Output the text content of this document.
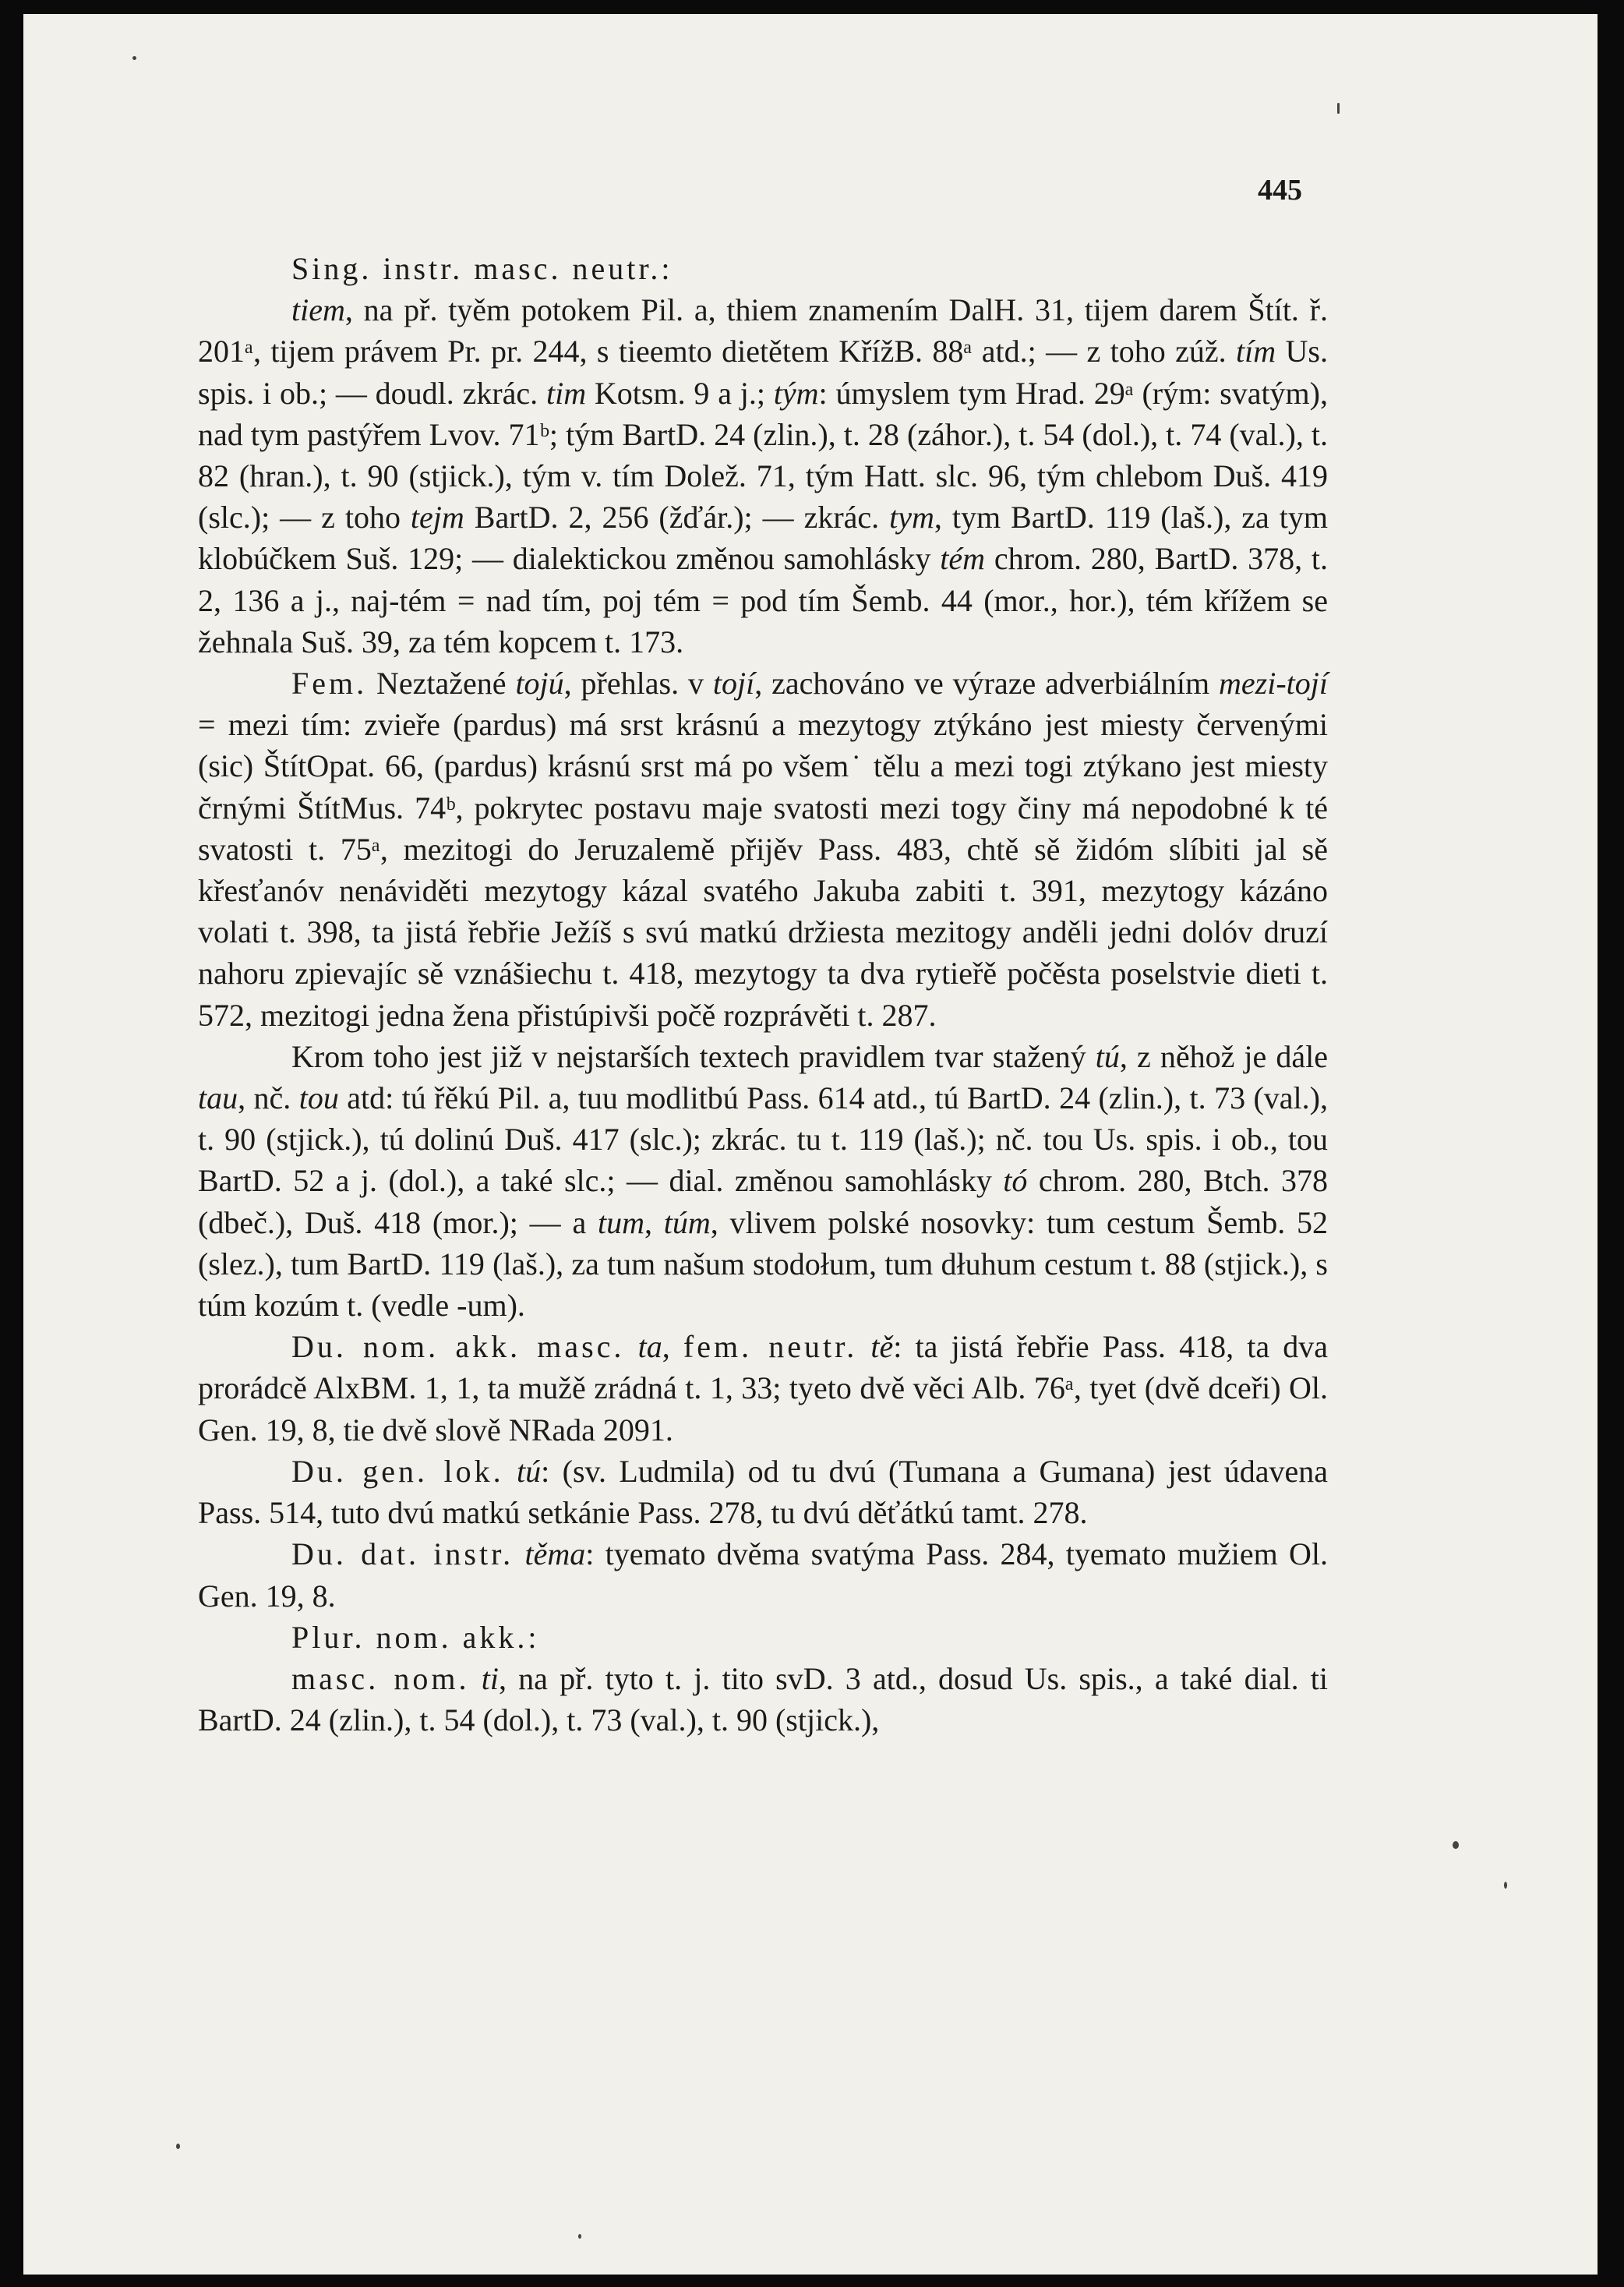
445

Sing. instr. masc. neutr.:

tiem, na př. tyěm potokem Pil. a, thiem znamením DalH. 31, tijem darem Štít. ř. 201ᵃ, tijem právem Pr. pr. 244, s tieemto dietětem KřížB. 88ᵃ atd.; — z toho zúž. tím Us. spis. i ob.; — doudl. zkrác. tim Kotsm. 9 a j.; tým: úmyslem tym Hrad. 29ᵃ (rým: svatým), nad tym pastýřem Lvov. 71ᵇ; tým BartD. 24 (zlin.), t. 28 (záhor.), t. 54 (dol.), t. 74 (val.), t. 82 (hran.), t. 90 (stjick.), tým v. tím Dolež. 71, tým Hatt. slc. 96, tým chlebom Duš. 419 (slc.); — z toho tejm BartD. 2, 256 (žďár.); — zkrác. tym, tym BartD. 119 (laš.), za tym klobúčkem Suš. 129; — dialektickou změnou samohlásky tém chrom. 280, BartD. 378, t. 2, 136 a j., naj-tém = nad tím, poj tém = pod tím Šemb. 44 (mor., hor.), tém křížem se žehnala Suš. 39, za tém kopcem t. 173.

Fem. Neztažené tojú, přehlas. v tojí, zachováno ve výraze adverbiálním mezi-tojí = mezi tím: zvieře (pardus) má srst krásnú a mezytogy ztýkáno jest miesty červenými (sic) ŠtítOpat. 66, (pardus) krásnú srst má po všem˙ tělu a mezi togi ztýkano jest miesty črnými ŠtítMus. 74ᵇ, pokrytec postavu maje svatosti mezi togy činy má nepodobné k té svatosti t. 75ᵃ, mezitogi do Jeruzalemě přijěv Pass. 483, chtě sě židóm slíbiti jal sě křesťanóv nenáviděti mezytogy kázal svatého Jakuba zabiti t. 391, mezytogy kázáno volati t. 398, ta jistá řebřie Ježíš s svú matkú držiesta mezitogy anděli jedni dolóv druzí nahoru zpievajíc sě vznášiechu t. 418, mezytogy ta dva rytieřě počěsta poselstvie dieti t. 572, mezitogi jedna žena přistúpivši počě rozprávěti t. 287.

Krom toho jest již v nejstarších textech pravidlem tvar stažený tú, z něhož je dále tau, nč. tou atd: tú řěkú Pil. a, tuu modlitbú Pass. 614 atd., tú BartD. 24 (zlin.), t. 73 (val.), t. 90 (stjick.), tú dolinú Duš. 417 (slc.); zkrác. tu t. 119 (laš.); nč. tou Us. spis. i ob., tou BartD. 52 a j. (dol.), a také slc.; — dial. změnou samohlásky tó chrom. 280, Btch. 378 (dbeč.), Duš. 418 (mor.); — a tum, túm, vlivem polské nosovky: tum cestum Šemb. 52 (slez.), tum BartD. 119 (laš.), za tum našum stodołum, tum dłuhum cestum t. 88 (stjick.), s túm kozúm t. (vedle -um).

Du. nom. akk. masc. ta, fem. neutr. tě: ta jistá řebřie Pass. 418, ta dva prorádcě AlxBM. 1, 1, ta mužě zrádná t. 1, 33; tyeto dvě věci Alb. 76ᵃ, tyet (dvě dceři) Ol. Gen. 19, 8, tie dvě slově NRada 2091.

Du. gen. lok. tú: (sv. Ludmila) od tu dvú (Tumana a Gumana) jest údavena Pass. 514, tuto dvú matkú setkánie Pass. 278, tu dvú děťátkú tamt. 278.

Du. dat. instr. těma: tyemato dvěma svatýma Pass. 284, tyemato mužiem Ol. Gen. 19, 8.

Plur. nom. akk.:

masc. nom. ti, na př. tyto t. j. tito svD. 3 atd., dosud Us. spis., a také dial. ti BartD. 24 (zlin.), t. 54 (dol.), t. 73 (val.), t. 90 (stjick.),
